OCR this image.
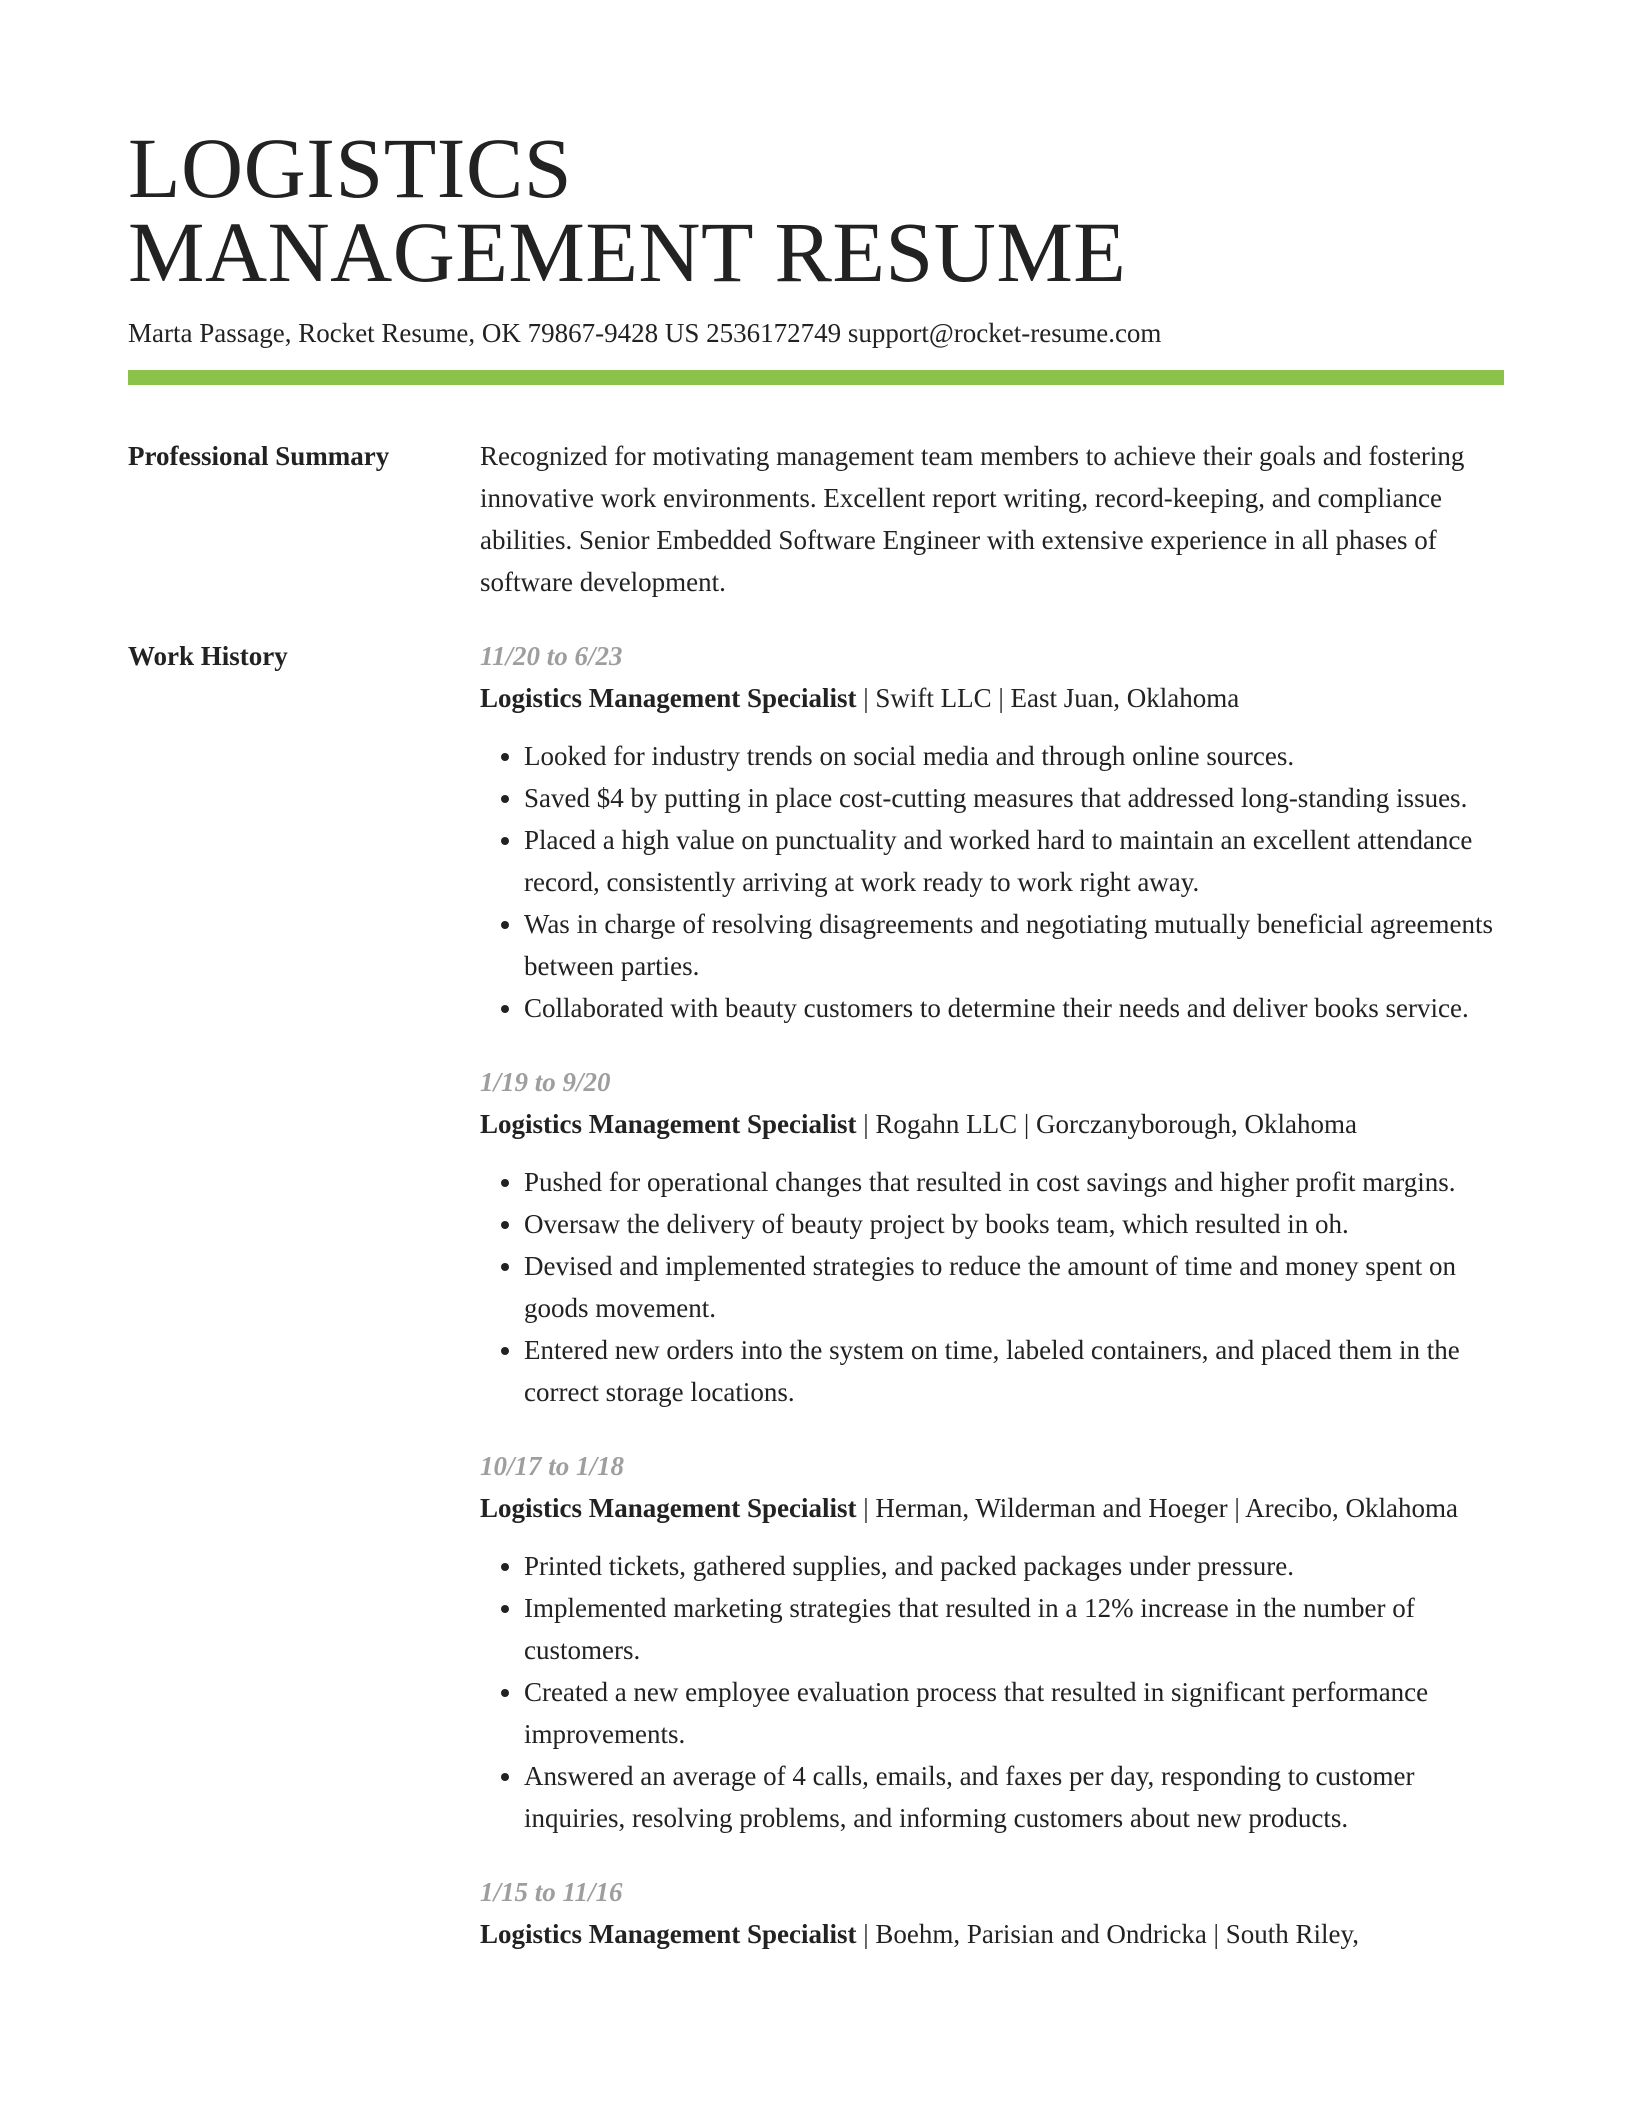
LOGISTICS
MANAGEMENT RESUME
Marta Passage, Rocket Resume, OK 79867-9428 US 2536172749 support@rocket-resume.com
Professional Summary	Recognized for motivating management team members to achieve their goals and fostering innovative work environments. Excellent report writing, record-keeping, and compliance abilities. Senior Embedded Software Engineer with extensive experience in all phases of software development.
Work History	11/20 to 6/23
Logistics Management Specialist | Swift LLC | East Juan, Oklahoma
• Looked for industry trends on social media and through online sources.
• Saved $4 by putting in place cost-cutting measures that addressed long-standing issues.
• Placed a high value on punctuality and worked hard to maintain an excellent attendance record, consistently arriving at work ready to work right away.
• Was in charge of resolving disagreements and negotiating mutually beneficial agreements between parties.
• Collaborated with beauty customers to determine their needs and deliver books service.
1/19 to 9/20
Logistics Management Specialist | Rogahn LLC | Gorczanyborough, Oklahoma
• Pushed for operational changes that resulted in cost savings and higher profit margins.
• Oversaw the delivery of beauty project by books team, which resulted in oh.
• Devised and implemented strategies to reduce the amount of time and money spent on goods movement.
• Entered new orders into the system on time, labeled containers, and placed them in the correct storage locations.
10/17 to 1/18
Logistics Management Specialist | Herman, Wilderman and Hoeger | Arecibo, Oklahoma
• Printed tickets, gathered supplies, and packed packages under pressure.
• Implemented marketing strategies that resulted in a 12% increase in the number of customers.
• Created a new employee evaluation process that resulted in significant performance improvements.
• Answered an average of 4 calls, emails, and faxes per day, responding to customer inquiries, resolving problems, and informing customers about new products.
1/15 to 11/16
Logistics Management Specialist | Boehm, Parisian and Ondricka | South Riley,
